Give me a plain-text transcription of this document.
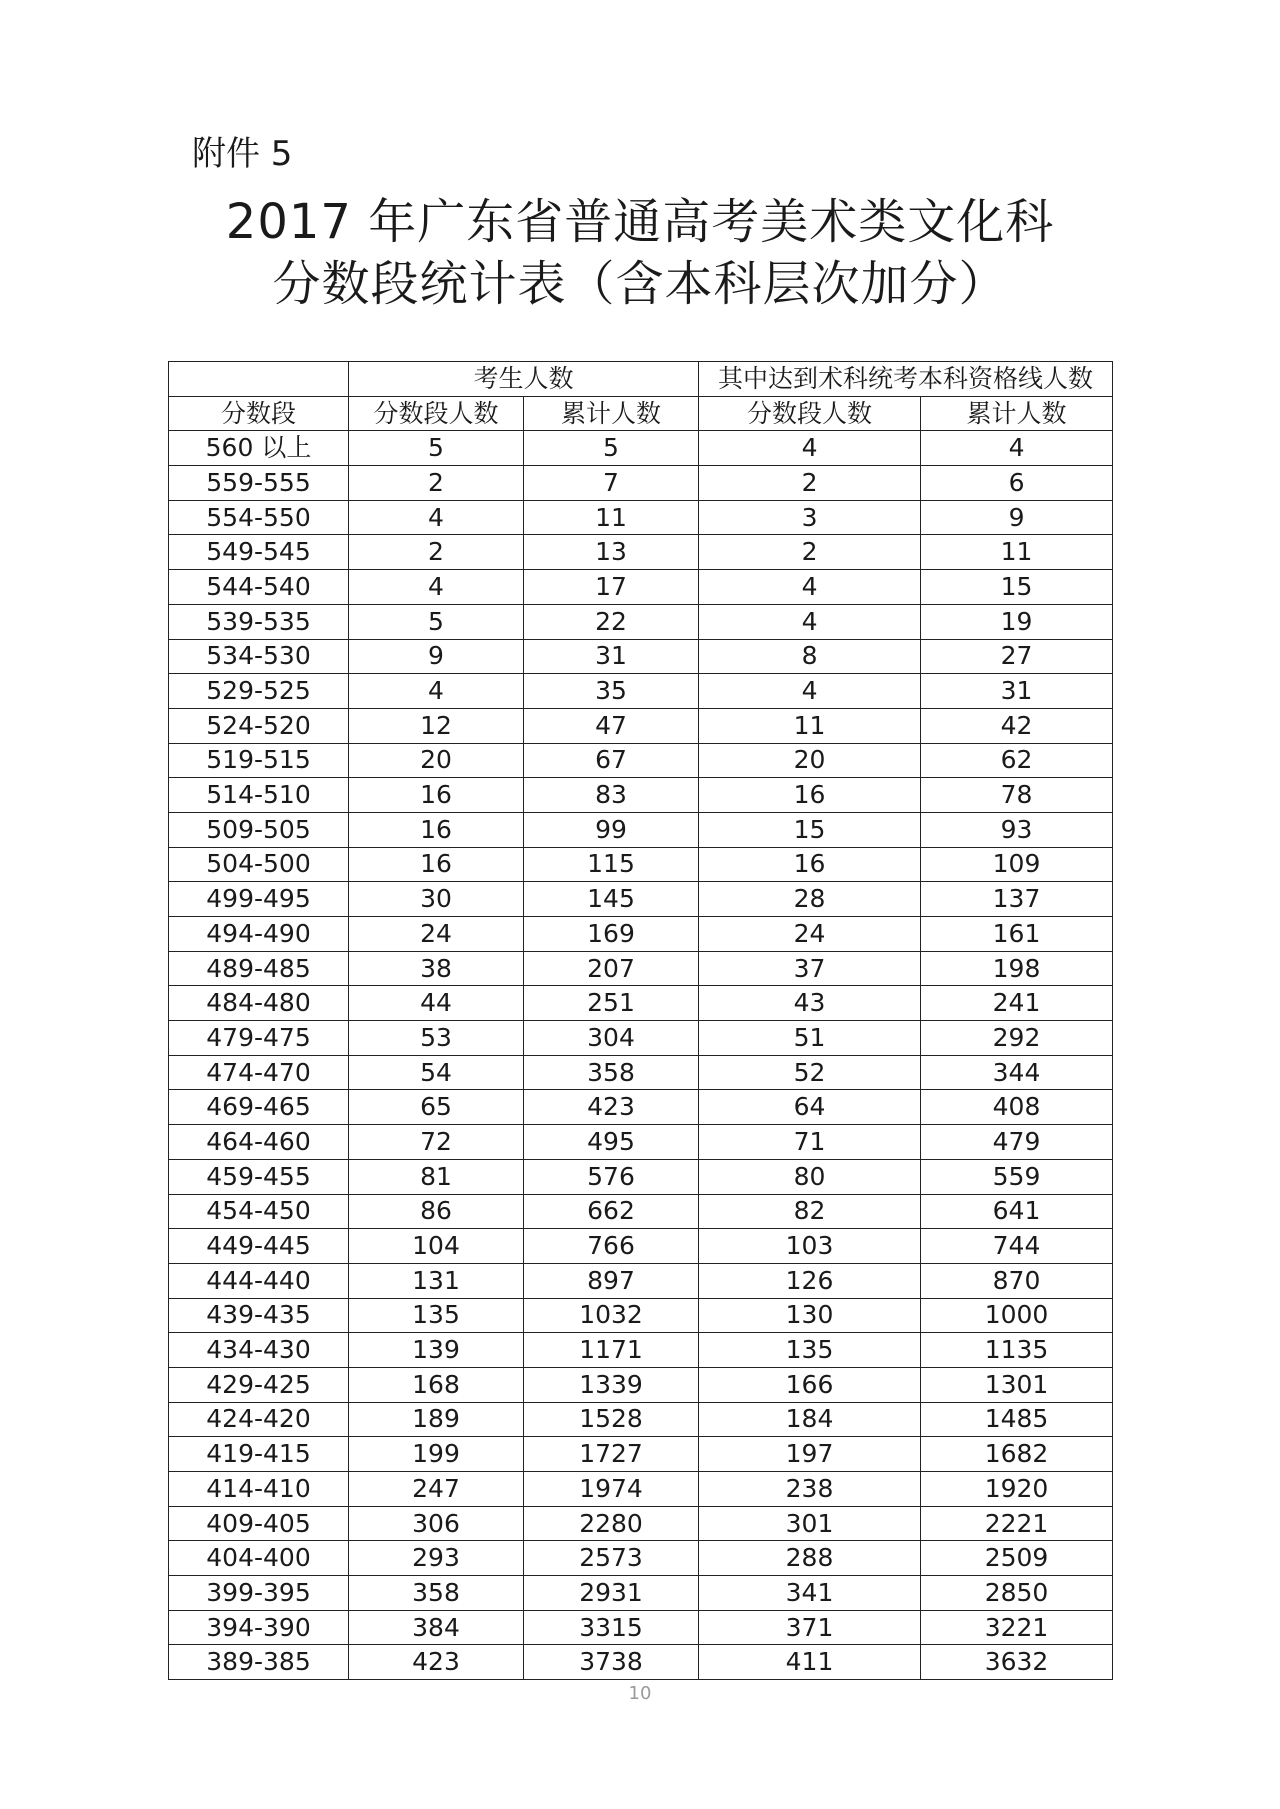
附件 5
2017 年广东省普通高考美术类文化科
分数段统计表（含本科层次加分）
	考生人数		其中达到术科统考本科资格线人数	
分数段	分数段人数	累计人数	分数段人数	累计人数
560 以上	5	5	4	4
559-555	2	7	2	6
554-550	4	11	3	9
549-545	2	13	2	11
544-540	4	17	4	15
539-535	5	22	4	19
534-530	9	31	8	27
529-525	4	35	4	31
524-520	12	47	11	42
519-515	20	67	20	62
514-510	16	83	16	78
509-505	16	99	15	93
504-500	16	115	16	109
499-495	30	145	28	137
494-490	24	169	24	161
489-485	38	207	37	198
484-480	44	251	43	241
479-475	53	304	51	292
474-470	54	358	52	344
469-465	65	423	64	408
464-460	72	495	71	479
459-455	81	576	80	559
454-450	86	662	82	641
449-445	104	766	103	744
444-440	131	897	126	870
439-435	135	1032	130	1000
434-430	139	1171	135	1135
429-425	168	1339	166	1301
424-420	189	1528	184	1485
419-415	199	1727	197	1682
414-410	247	1974	238	1920
409-405	306	2280	301	2221
404-400	293	2573	288	2509
399-395	358	2931	341	2850
394-390	384	3315	371	3221
389-385	423	3738	411	3632
10
